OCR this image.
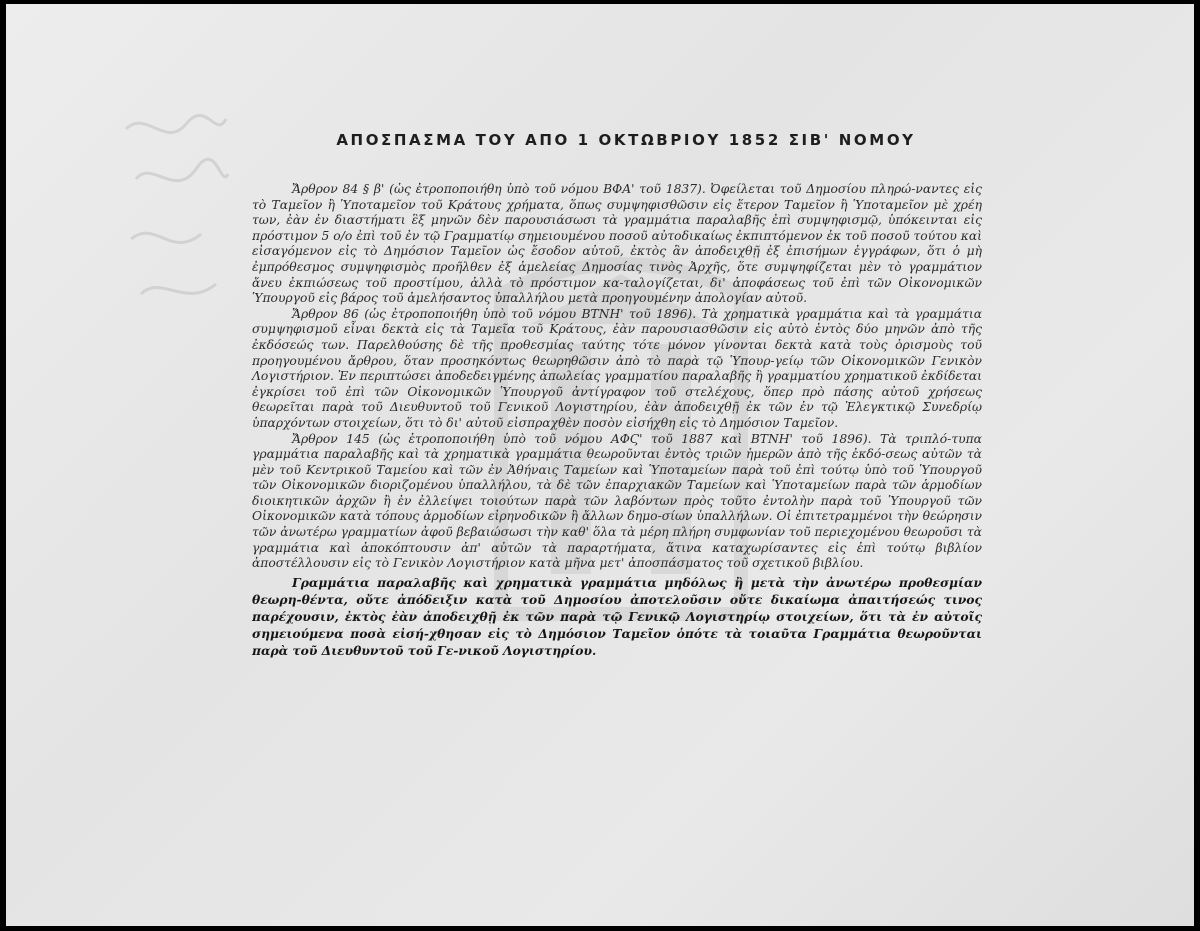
ΑΠΟΣΠΑΣΜΑ ΤΟΥ ΑΠΟ 1 ΟΚΤΩΒΡΙΟΥ 1852 ΣΙΒ' ΝΟΜΟΥ

Ἄρθρον 84 § β' (ὡς ἐτροποποιήθη ὑπὸ τοῦ νόμου ΒΦΑ' τοῦ 1837). Ὀφείλεται τοῦ Δημοσίου πληρώ-ναντες εἰς τὸ Ταμεῖον ἢ Ὑποταμεῖον τοῦ Κράτους χρήματα, ὅπως συμψηφισθῶσιν εἰς ἕτερον Ταμεῖον ἢ Ὑποταμεῖον μὲ χρέη των, ἐὰν ἐν διαστήματι ἓξ μηνῶν δὲν παρουσιάσωσι τὰ γραμμάτια παραλαβῆς ἐπὶ συμψηφισμῷ, ὑπόκεινται εἰς πρόστιμον 5 ο/ο ἐπὶ τοῦ ἐν τῷ Γραμματίῳ σημειουμένου ποσοῦ αὐτοδικαίως ἐκπιπτόμενον ἐκ τοῦ ποσοῦ τούτου καὶ εἰσαγόμενον εἰς τὸ Δημόσιον Ταμεῖον ὡς ἔσοδον αὐτοῦ, ἐκτὸς ἂν ἀποδειχθῇ ἐξ ἐπισήμων ἐγγράφων, ὅτι ὁ μὴ ἐμπρόθεσμος συμψηφισμὸς προῆλθεν ἐξ ἀμελείας Δημοσίας τινὸς Ἀρχῆς, ὅτε συμψηφίζεται μὲν τὸ γραμμάτιον ἄνευ ἐκπιώσεως τοῦ προστίμου, ἀλλὰ τὸ πρόστιμον κα-ταλογίζεται, δι' ἀποφάσεως τοῦ ἐπὶ τῶν Οἰκονομικῶν Ὑπουργοῦ εἰς βάρος τοῦ ἀμελήσαντος ὑπαλλήλου μετὰ προηγουμένην ἀπολογίαν αὐτοῦ.

Ἄρθρον 86 (ὡς ἐτροποποιήθη ὑπὸ τοῦ νόμου ΒΤΝΗ' τοῦ 1896). Τὰ χρηματικὰ γραμμάτια καὶ τὰ γραμμάτια συμψηφισμοῦ εἶναι δεκτὰ εἰς τὰ Ταμεῖα τοῦ Κράτους, ἐὰν παρουσιασθῶσιν εἰς αὐτὸ ἐντὸς δύο μηνῶν ἀπὸ τῆς ἐκδόσεώς των. Παρελθούσης δὲ τῆς προθεσμίας ταύτης τότε μόνον γίνονται δεκτὰ κατὰ τοὺς ὁρισμοὺς τοῦ προηγουμένου ἄρθρου, ὅταν προσηκόντως θεωρηθῶσιν ἀπὸ τὸ παρὰ τῷ Ὑπουρ-γείῳ τῶν Οἰκονομικῶν Γενικὸν Λογιστήριον. Ἐν περιπτώσει ἀποδεδειγμένης ἀπωλείας γραμματίου παραλαβῆς ἢ γραμματίου χρηματικοῦ ἐκδίδεται ἐγκρίσει τοῦ ἐπὶ τῶν Οἰκονομικῶν Ὑπουργοῦ ἀντίγραφον τοῦ στελέχους, ὅπερ πρὸ πάσης αὐτοῦ χρήσεως θεωρεῖται παρὰ τοῦ Διευθυντοῦ τοῦ Γενικοῦ Λογιστηρίου, ἐὰν ἀποδειχθῇ ἐκ τῶν ἐν τῷ Ἐλεγκτικῷ Συνεδρίῳ ὑπαρχόντων στοιχείων, ὅτι τὸ δι' αὐτοῦ εἰσπραχθὲν ποσὸν εἰσήχθη εἰς τὸ Δημόσιον Ταμεῖον.

Ἄρθρον 145 (ὡς ἐτροποποιήθη ὑπὸ τοῦ νόμου ΑΦϚ' τοῦ 1887 καὶ ΒΤΝΗ' τοῦ 1896). Τὰ τριπλό-τυπα γραμμάτια παραλαβῆς καὶ τὰ χρηματικὰ γραμμάτια θεωροῦνται ἐντὸς τριῶν ἡμερῶν ἀπὸ τῆς ἐκδό-σεως αὐτῶν τὰ μὲν τοῦ Κεντρικοῦ Ταμείου καὶ τῶν ἐν Ἀθήναις Ταμείων καὶ Ὑποταμείων παρὰ τοῦ ἐπὶ τούτῳ ὑπὸ τοῦ Ὑπουργοῦ τῶν Οἰκονομικῶν διοριζομένου ὑπαλλήλου, τὰ δὲ τῶν ἐπαρχιακῶν Ταμείων καὶ Ὑποταμείων παρὰ τῶν ἁρμοδίων διοικητικῶν ἀρχῶν ἢ ἐν ἐλλείψει τοιούτων παρὰ τῶν λαβόντων πρὸς τοῦτο ἐντολὴν παρὰ τοῦ Ὑπουργοῦ τῶν Οἰκονομικῶν κατὰ τόπους ἁρμοδίων εἰρηνοδικῶν ἢ ἄλλων δημο-σίων ὑπαλλήλων. Οἱ ἐπιτετραμμένοι τὴν θεώρησιν τῶν ἀνωτέρω γραμματίων ἀφοῦ βεβαιώσωσι τὴν καθ' ὅλα τὰ μέρη πλήρη συμφωνίαν τοῦ περιεχομένου θεωροῦσι τὰ γραμμάτια καὶ ἀποκόπτουσιν ἀπ' αὐτῶν τὰ παραρτήματα, ἅτινα καταχωρίσαντες εἰς ἐπὶ τούτῳ βιβλίον ἀποστέλλουσιν εἰς τὸ Γενικὸν Λογιστήριον κατὰ μῆνα μετ' ἀποσπάσματος τοῦ σχετικοῦ βιβλίου.

Γραμμάτια παραλαβῆς καὶ χρηματικὰ γραμμάτια μηδόλως ἢ μετὰ τὴν ἀνωτέρω προθεσμίαν θεωρη-θέντα, οὔτε ἀπόδειξιν κατὰ τοῦ Δημοσίου ἀποτελοῦσιν οὔτε δικαίωμα ἀπαιτήσεώς τινος παρέχουσιν, ἐκτὸς ἐὰν ἀποδειχθῇ ἐκ τῶν παρὰ τῷ Γενικῷ Λογιστηρίῳ στοιχείων, ὅτι τὰ ἐν αὐτοῖς σημειούμενα ποσὰ εἰσή-χθησαν εἰς τὸ Δημόσιον Ταμεῖον ὁπότε τὰ τοιαῦτα Γραμμάτια θεωροῦνται παρὰ τοῦ Διευθυντοῦ τοῦ Γε-νικοῦ Λογιστηρίου.
